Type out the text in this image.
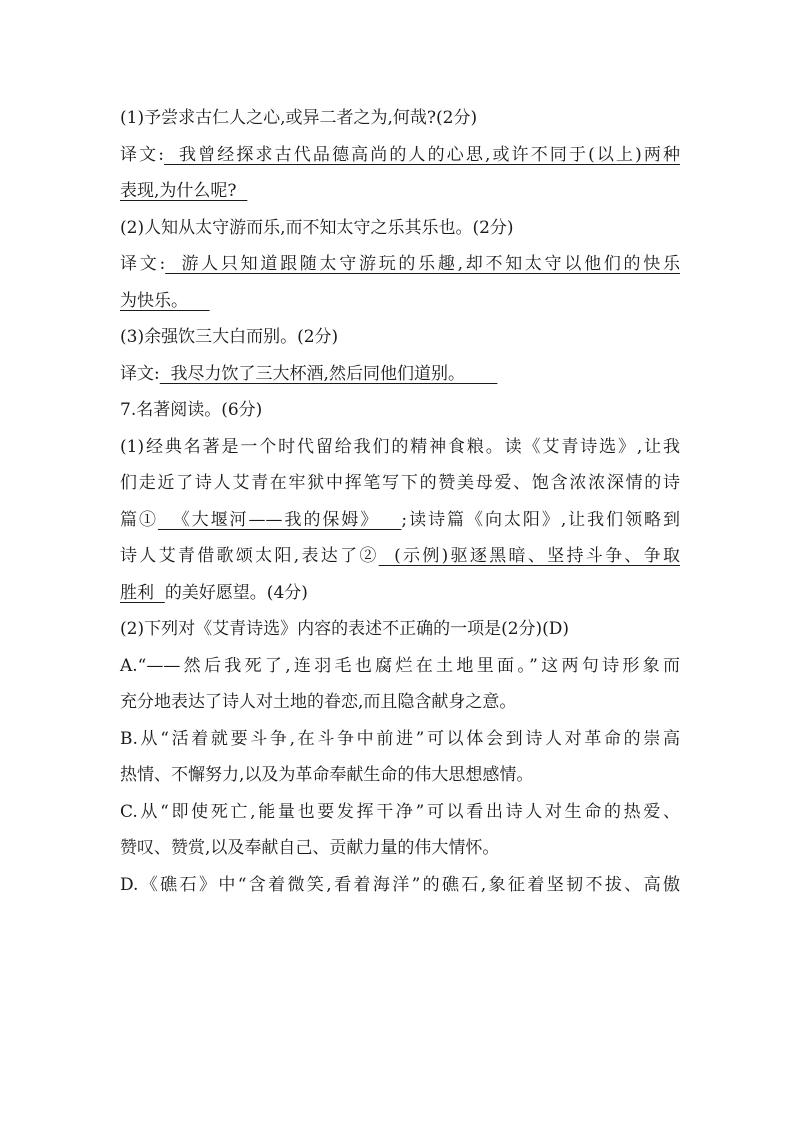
(1)予尝求古仁人之心,或异二者之为,何哉?(2分)
译文:  我曾经探求古代品德高尚的人的心思,或许不同于(以上)两种
表现,为什么呢?
(2)人知从太守游而乐,而不知太守之乐其乐也。(2分)
译文:  游人只知道跟随太守游玩的乐趣,却不知太守以他们的快乐
为快乐。
(3)余强饮三大白而别。(2分)
译文:  我尽力饮了三大杯酒,然后同他们道别。
7.名著阅读。(6分)
(1)经典名著是一个时代留给我们的精神食粮。读《艾青诗选》,让我
们走近了诗人艾青在牢狱中挥笔写下的赞美母爱、饱含浓浓深情的诗
篇①  《大堰河——我的保姆》   ;读诗篇《向太阳》,让我们领略到
诗人艾青借歌颂太阳,表达了②  (示例)驱逐黑暗、坚持斗争、争取
胜利  的美好愿望。(4分)
(2)下列对《艾青诗选》内容的表述不正确的一项是(2分)(D)
A.“——然后我死了,连羽毛也腐烂在土地里面。”这两句诗形象而
充分地表达了诗人对土地的眷恋,而且隐含献身之意。
B.从“活着就要斗争,在斗争中前进”可以体会到诗人对革命的崇高
热情、不懈努力,以及为革命奉献生命的伟大思想感情。
C.从“即使死亡,能量也要发挥干净”可以看出诗人对生命的热爱、
赞叹、赞赏,以及奉献自己、贡献力量的伟大情怀。
D.《礁石》中“含着微笑,看着海洋”的礁石,象征着坚韧不拔、高傲
